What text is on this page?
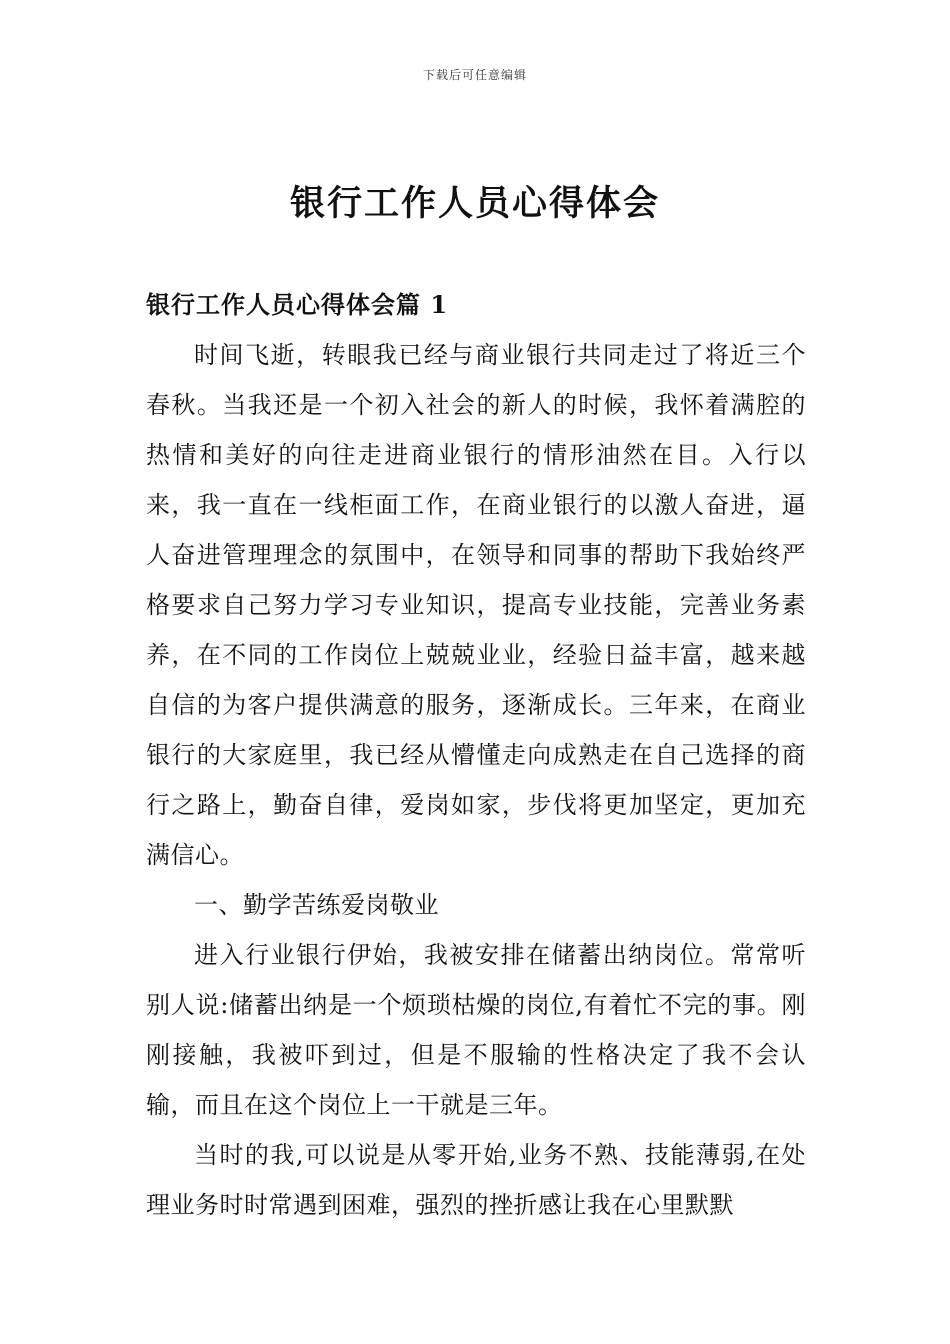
下载后可任意编辑
银行工作人员心得体会
银行工作人员心得体会篇 1

时间飞逝，转眼我已经与商业银行共同走过了将近三个春秋。当我还是一个初入社会的新人的时候，我怀着满腔的热情和美好的向往走进商业银行的情形油然在目。入行以来，我一直在一线柜面工作，在商业银行的以激人奋进，逼人奋进管理理念的氛围中，在领导和同事的帮助下我始终严格要求自己努力学习专业知识，提高专业技能，完善业务素养，在不同的工作岗位上兢兢业业，经验日益丰富，越来越自信的为客户提供满意的服务，逐渐成长。三年来，在商业银行的大家庭里，我已经从懵懂走向成熟走在自己选择的商行之路上，勤奋自律，爱岗如家，步伐将更加坚定，更加充满信心。

一、勤学苦练爱岗敬业

进入行业银行伊始，我被安排在储蓄出纳岗位。常常听别人说:储蓄出纳是一个烦琐枯燥的岗位,有着忙不完的事。刚刚接触，我被吓到过，但是不服输的性格决定了我不会认输，而且在这个岗位上一干就是三年。

当时的我,可以说是从零开始,业务不熟、技能薄弱,在处理业务时时常遇到困难，强烈的挫折感让我在心里默默
